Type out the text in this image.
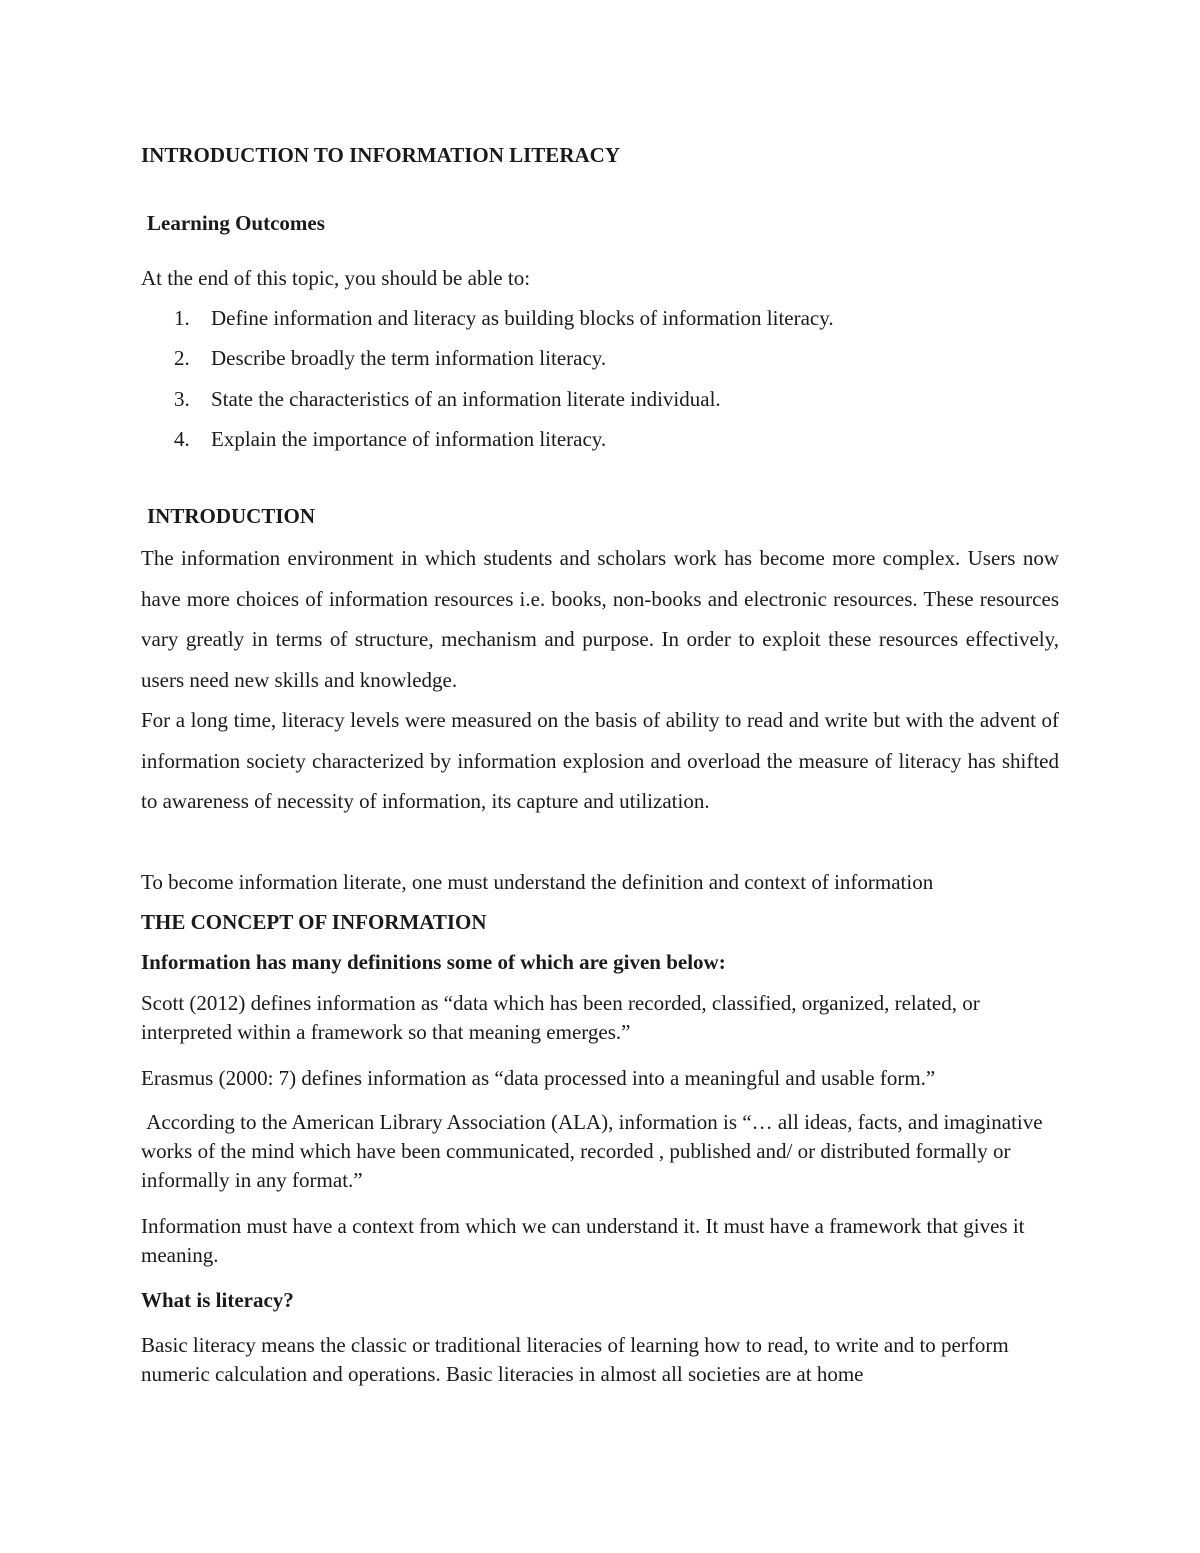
INTRODUCTION TO INFORMATION LITERACY
Learning Outcomes
At the end of this topic, you should be able to:
1.	Define information and literacy as building blocks of information literacy.
2.	Describe broadly the term information literacy.
3.	State the characteristics of an information literate individual.
4.	Explain the importance of information literacy.
INTRODUCTION

The information environment in which students and scholars work has become more complex. Users now have more choices of information resources i.e. books, non-books and electronic resources. These resources vary greatly in terms of structure, mechanism and purpose. In order to exploit these resources effectively, users need new skills and knowledge.

For a long time, literacy levels were measured on the basis of ability to read and write but with the advent of information society characterized by information explosion and overload the measure of literacy has shifted to awareness of necessity of information, its capture and utilization.

To become information literate, one must understand the definition and context of information
THE CONCEPT OF INFORMATION
Information has many definitions some of which are given below:

Scott (2012) defines information as “data which has been recorded, classified, organized, related, or interpreted within a framework so that meaning emerges.”

Erasmus (2000: 7) defines information as “data processed into a meaningful and usable form.”

According to the American Library Association (ALA), information is “… all ideas, facts, and imaginative works of the mind which have been communicated, recorded , published and/ or distributed formally or informally in any format.”

Information must have a context from which we can understand it. It must have a framework that gives it meaning.

What is literacy?

Basic literacy means the classic or traditional literacies of learning how to read, to write and to perform numeric calculation and operations. Basic literacies in almost all societies are at home
